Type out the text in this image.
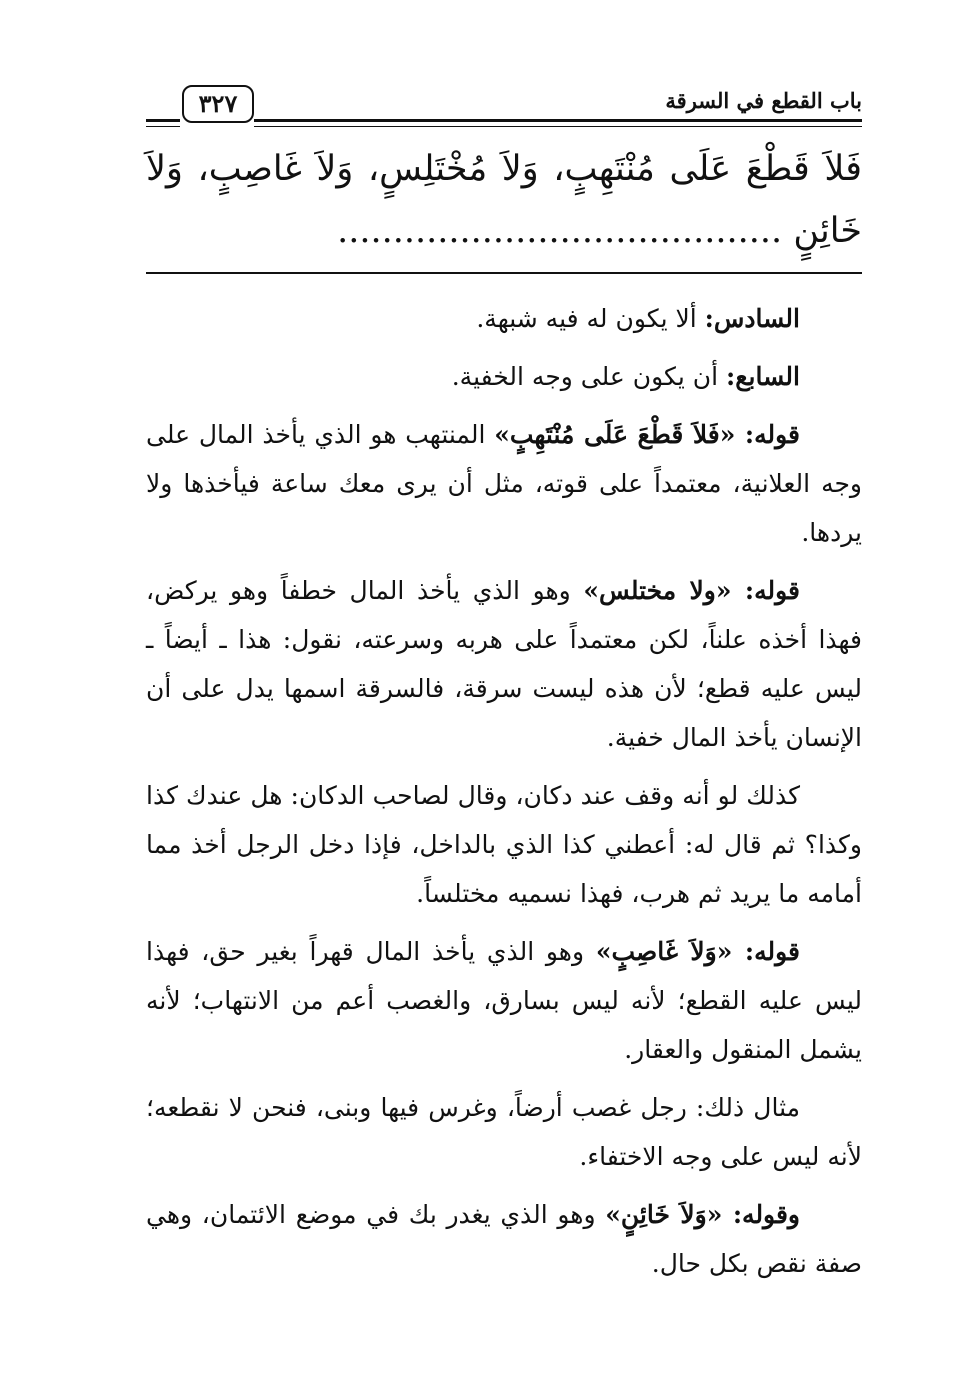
باب القطع في السرقة
٣٢٧
فَلاَ قَطْعَ عَلَى مُنْتَهِبٍ، وَلاَ مُخْتَلِسٍ، وَلاَ غَاصِبٍ، وَلاَ خَائِنٍ ........................................

السادس: ألا يكون له فيه شبهة.

السابع: أن يكون على وجه الخفية.

قوله: «فَلاَ قَطْعَ عَلَى مُنْتَهِبٍ» المنتهب هو الذي يأخذ المال على وجه العلانية، معتمداً على قوته، مثل أن يرى معك ساعة فيأخذها ولا يردها.

قوله: «ولا مختلس» وهو الذي يأخذ المال خطفاً وهو يركض، فهذا أخذه علناً، لكن معتمداً على هربه وسرعته، نقول: هذا ـ أيضاً ـ ليس عليه قطع؛ لأن هذه ليست سرقة، فالسرقة اسمها يدل على أن الإنسان يأخذ المال خفية.

كذلك لو أنه وقف عند دكان، وقال لصاحب الدكان: هل عندك كذا وكذا؟ ثم قال له: أعطني كذا الذي بالداخل، فإذا دخل الرجل أخذ مما أمامه ما يريد ثم هرب، فهذا نسميه مختلساً.

قوله: «وَلاَ غَاصِبٍ» وهو الذي يأخذ المال قهراً بغير حق، فهذا ليس عليه القطع؛ لأنه ليس بسارق، والغصب أعم من الانتهاب؛ لأنه يشمل المنقول والعقار.

مثال ذلك: رجل غصب أرضاً، وغرس فيها وبنى، فنحن لا نقطعه؛ لأنه ليس على وجه الاختفاء.

وقوله: «وَلاَ خَائِنٍ» وهو الذي يغدر بك في موضع الائتمان، وهي صفة نقص بكل حال.
